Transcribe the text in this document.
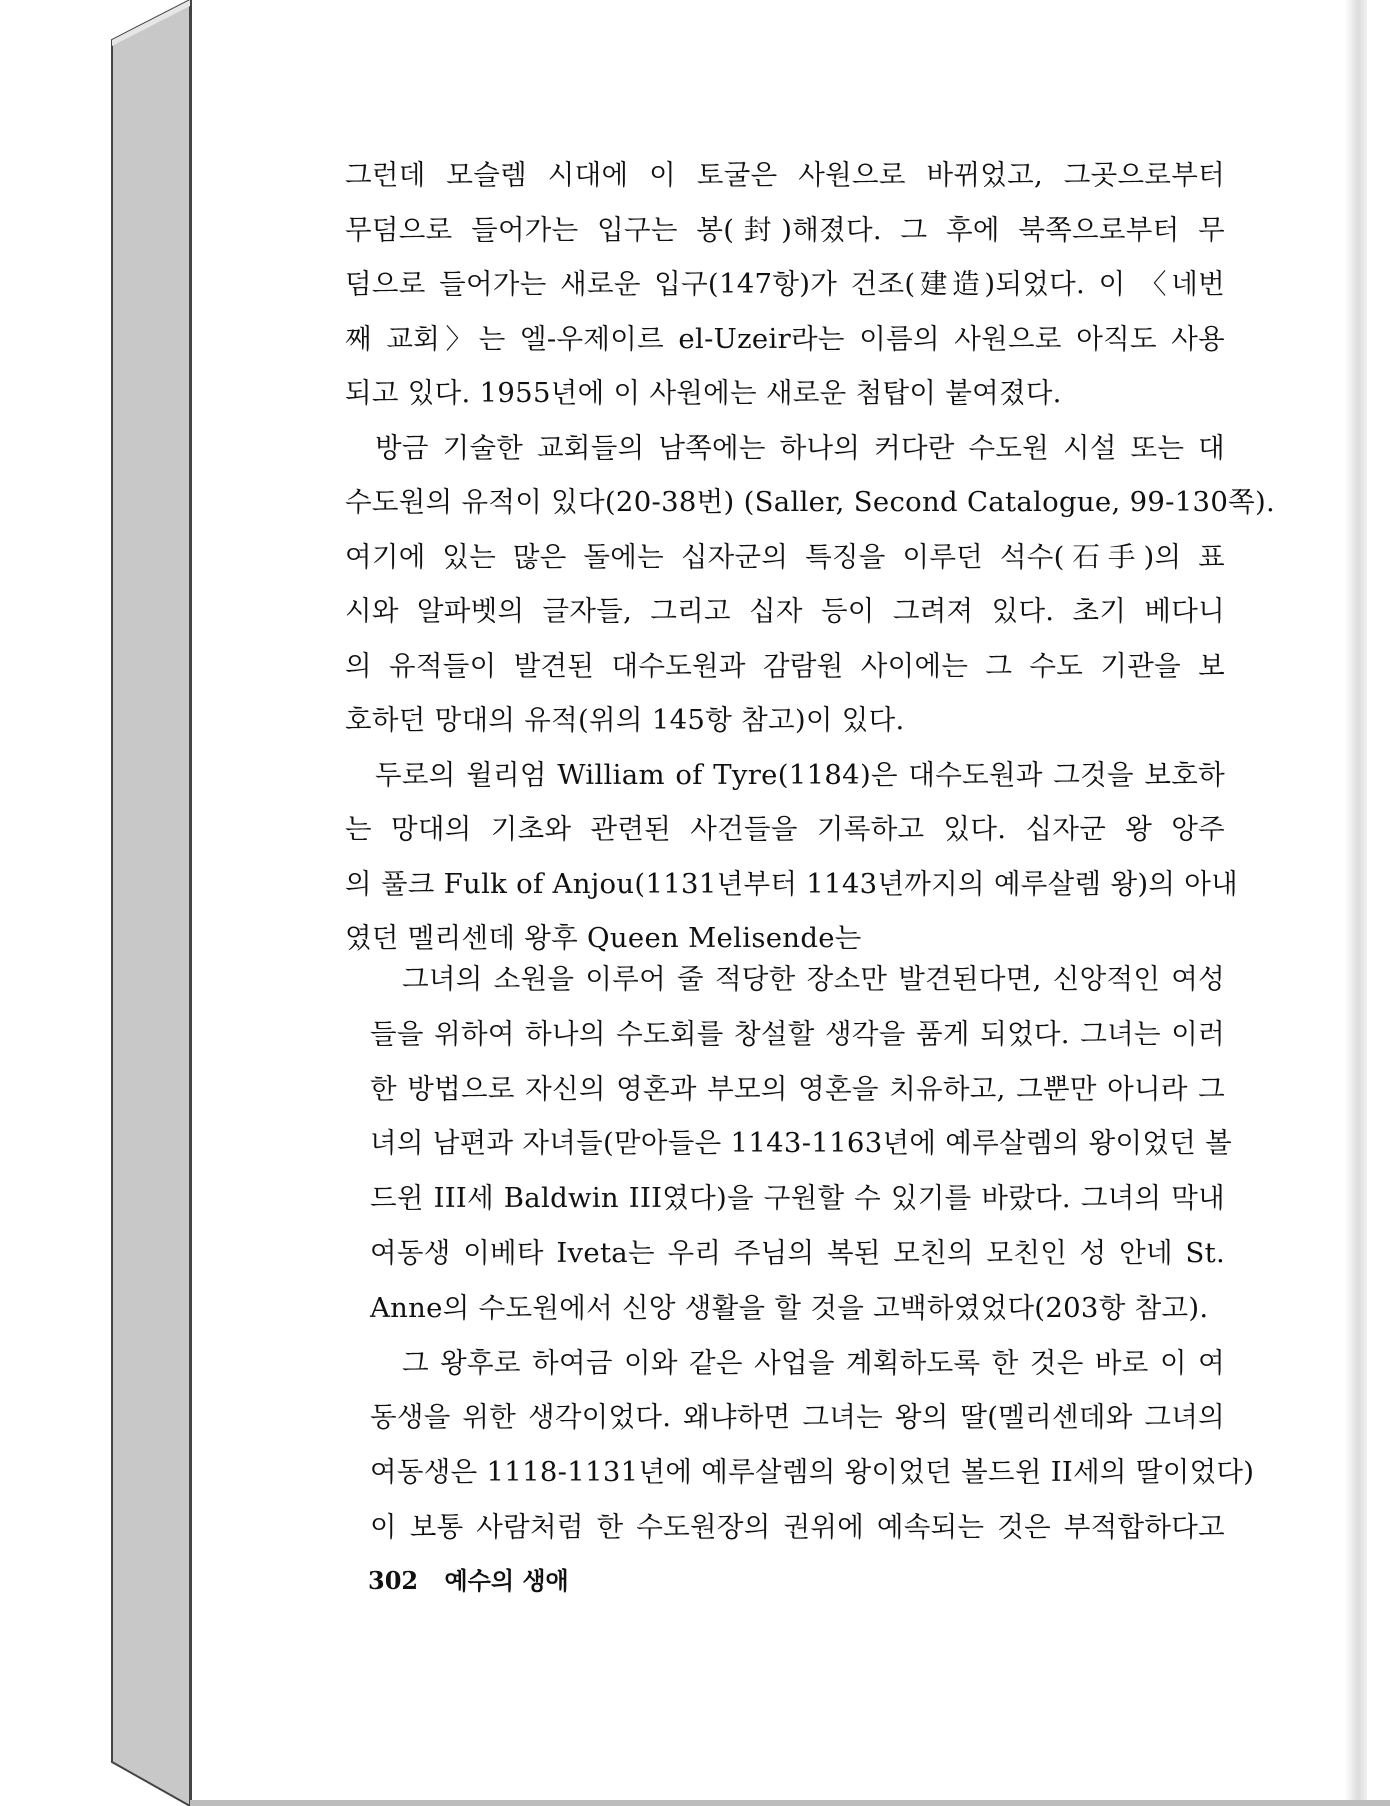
그런데 모슬렘 시대에 이 토굴은 사원으로 바뀌었고, 그곳으로부터
무덤으로 들어가는 입구는 봉(封)해졌다. 그 후에 북쪽으로부터 무
덤으로 들어가는 새로운 입구(147항)가 건조(建造)되었다. 이 〈네번
째 교회〉는 엘-우제이르 el-Uzeir라는 이름의 사원으로 아직도 사용
되고 있다. 1955년에 이 사원에는 새로운 첨탑이 붙여졌다.
방금 기술한 교회들의 남쪽에는 하나의 커다란 수도원 시설 또는 대
수도원의 유적이 있다(20-38번) (Saller, Second Catalogue, 99-130쪽).
여기에 있는 많은 돌에는 십자군의 특징을 이루던 석수(石手)의 표
시와 알파벳의 글자들, 그리고 십자 등이 그려져 있다. 초기 베다니
의 유적들이 발견된 대수도원과 감람원 사이에는 그 수도 기관을 보
호하던 망대의 유적(위의 145항 참고)이 있다.
두로의 윌리엄 William of Tyre(1184)은 대수도원과 그것을 보호하
는 망대의 기초와 관련된 사건들을 기록하고 있다. 십자군 왕 앙주
의 풀크 Fulk of Anjou(1131년부터 1143년까지의 예루살렘 왕)의 아내
였던 멜리센데 왕후 Queen Melisende는
그녀의 소원을 이루어 줄 적당한 장소만 발견된다면, 신앙적인 여성
들을 위하여 하나의 수도회를 창설할 생각을 품게 되었다. 그녀는 이러
한 방법으로 자신의 영혼과 부모의 영혼을 치유하고, 그뿐만 아니라 그
녀의 남편과 자녀들(맏아들은 1143-1163년에 예루살렘의 왕이었던 볼
드윈 III세 Baldwin III였다)을 구원할 수 있기를 바랐다. 그녀의 막내
여동생 이베타 Iveta는 우리 주님의 복된 모친의 모친인 성 안네 St.
Anne의 수도원에서 신앙 생활을 할 것을 고백하였었다(203항 참고).
그 왕후로 하여금 이와 같은 사업을 계획하도록 한 것은 바로 이 여
동생을 위한 생각이었다. 왜냐하면 그녀는 왕의 딸(멜리센데와 그녀의
여동생은 1118-1131년에 예루살렘의 왕이었던 볼드윈 II세의 딸이었다)
이 보통 사람처럼 한 수도원장의 권위에 예속되는 것은 부적합하다고
302 예수의 생애
